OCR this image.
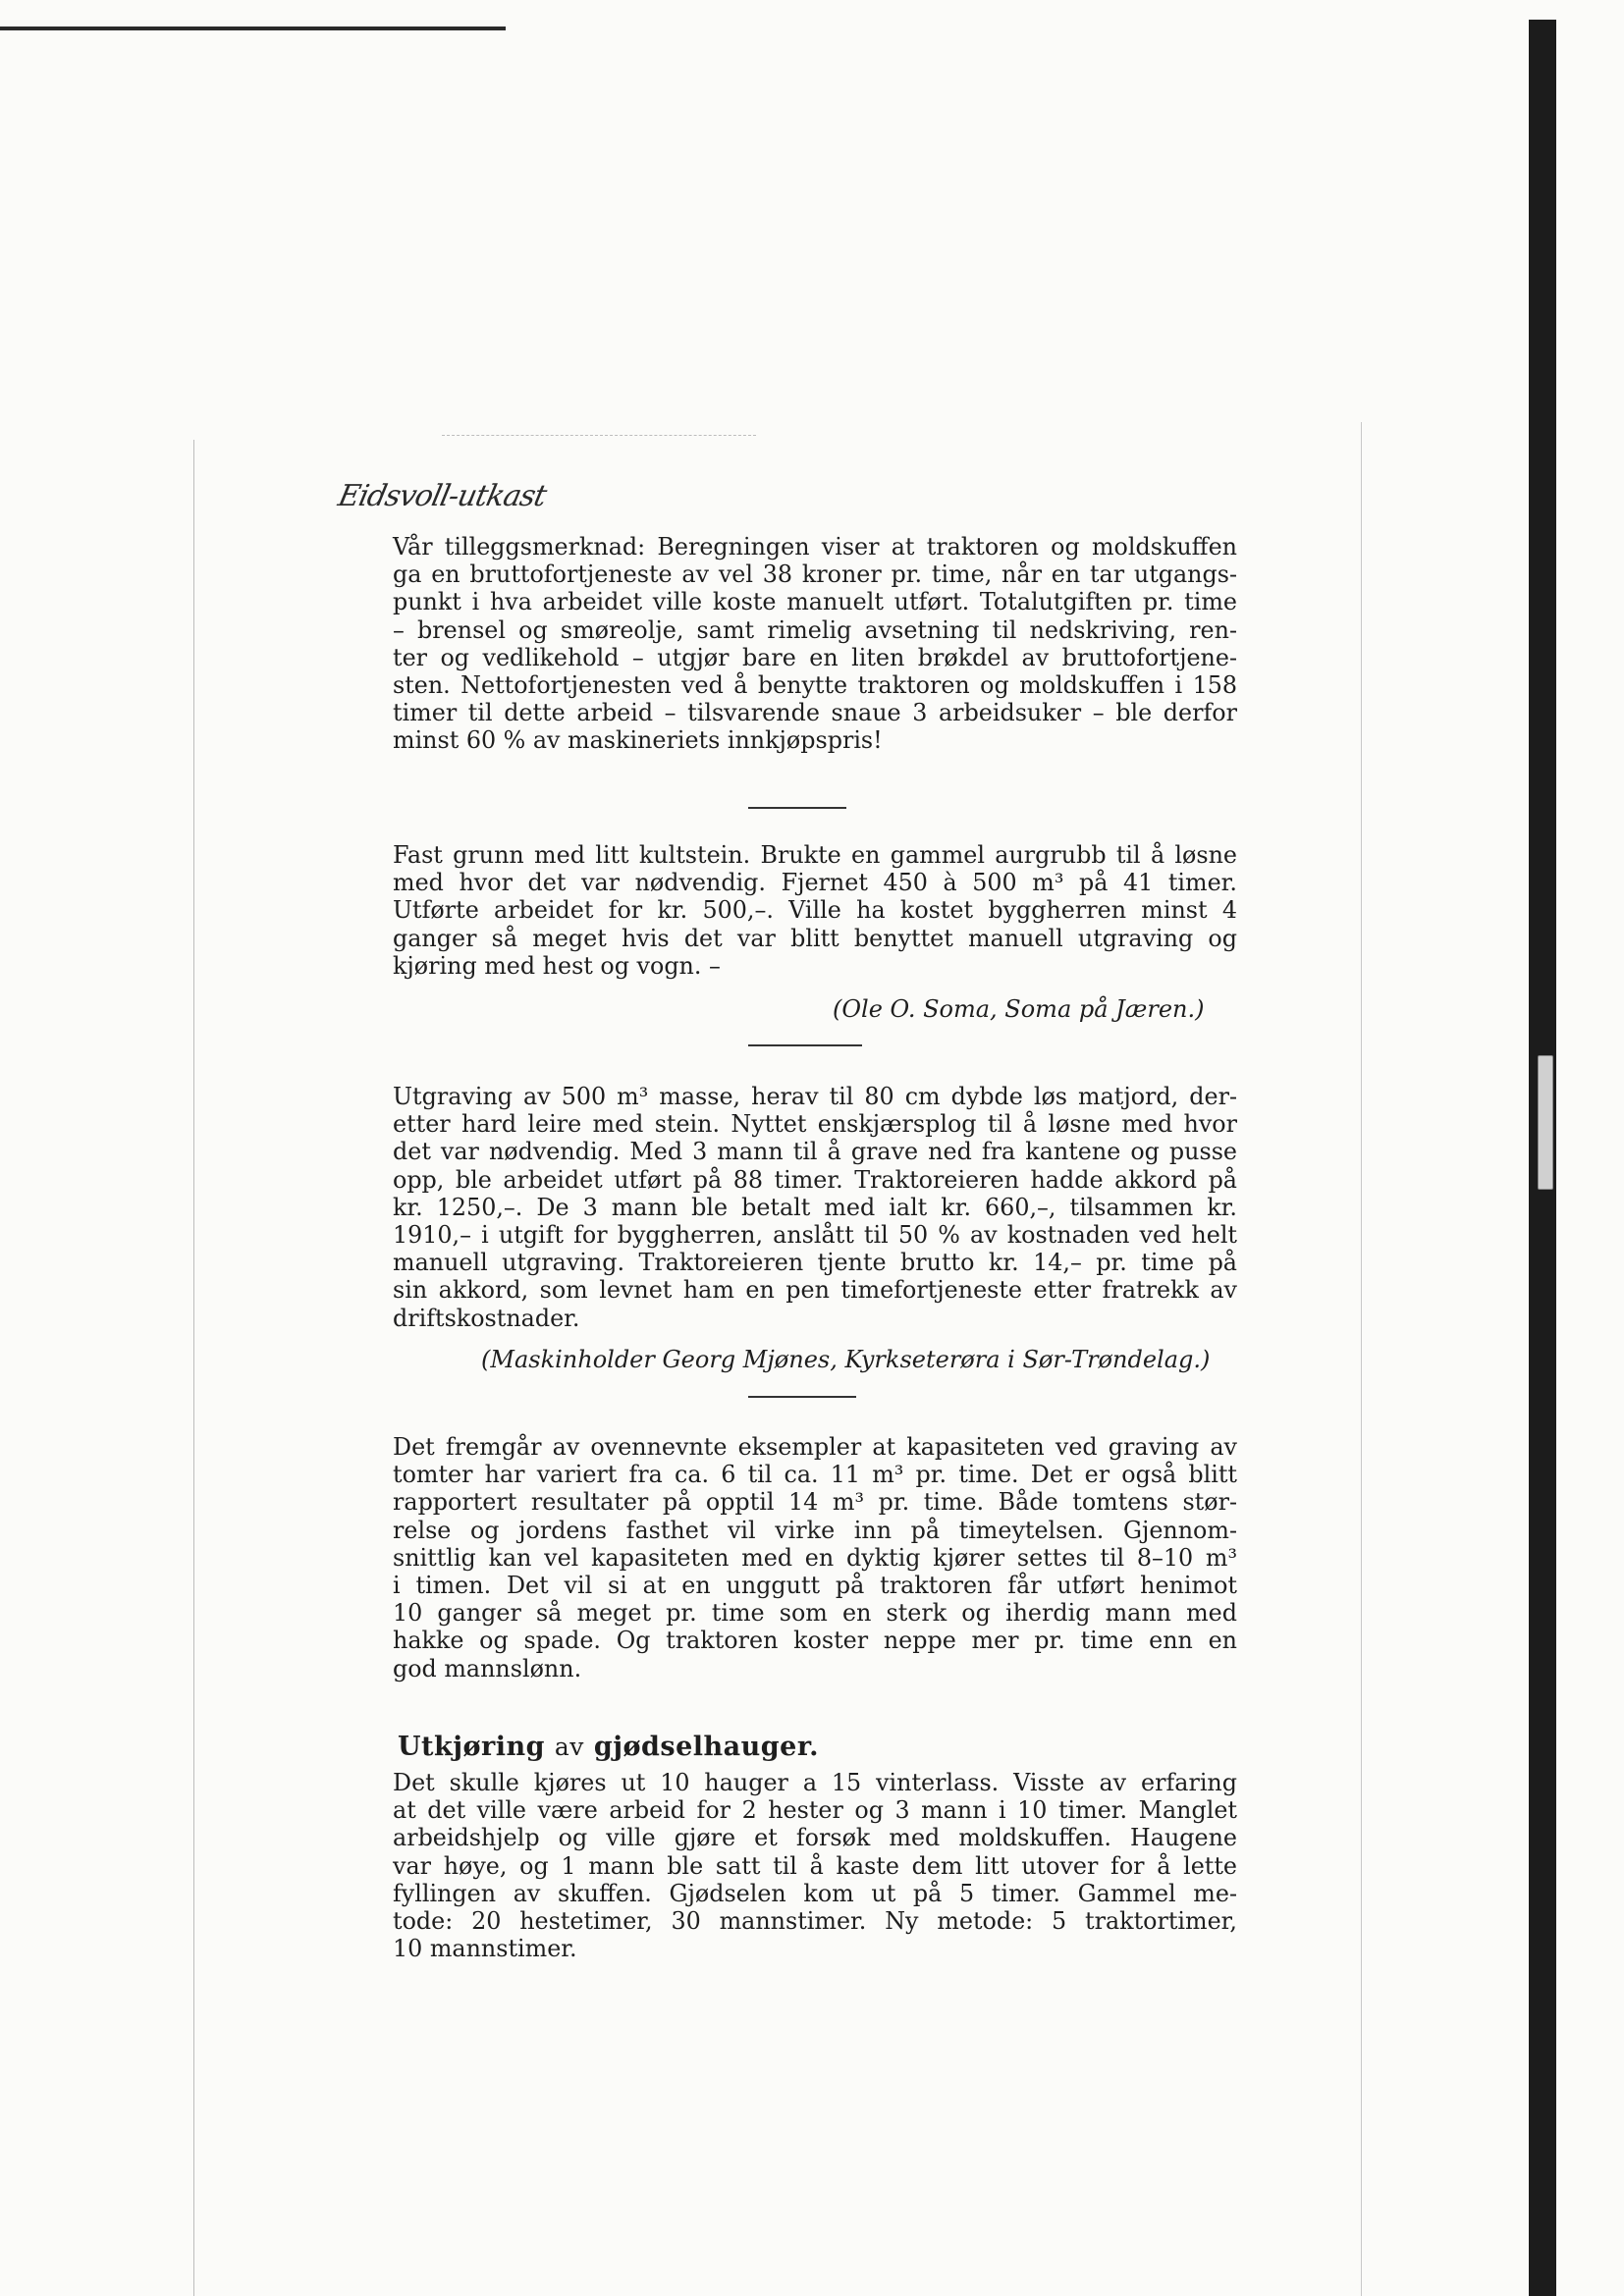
Eidsvoll-utkast

Vår tilleggsmerknad: Beregningen viser at traktoren og moldskuffen
ga en bruttofortjeneste av vel 38 kroner pr. time, når en tar utgangs-
punkt i hva arbeidet ville koste manuelt utført. Totalutgiften pr. time
– brensel og smøreolje, samt rimelig avsetning til nedskriving, ren-
ter og vedlikehold – utgjør bare en liten brøkdel av bruttofortjene-
sten. Nettofortjenesten ved å benytte traktoren og moldskuffen i 158
timer til dette arbeid – tilsvarende snaue 3 arbeidsuker – ble derfor
minst 60 % av maskineriets innkjøpspris!

Fast grunn med litt kultstein. Brukte en gammel aurgrubb til å løsne
med hvor det var nødvendig. Fjernet 450 à 500 m³ på 41 timer.
Utførte arbeidet for kr. 500,–. Ville ha kostet byggherren minst 4
ganger så meget hvis det var blitt benyttet manuell utgraving og
kjøring med hest og vogn. –

(Ole O. Soma, Soma på Jæren.)

Utgraving av 500 m³ masse, herav til 80 cm dybde løs matjord, der-
etter hard leire med stein. Nyttet enskjærsplog til å løsne med hvor
det var nødvendig. Med 3 mann til å grave ned fra kantene og pusse
opp, ble arbeidet utført på 88 timer. Traktoreieren hadde akkord på
kr. 1250,–. De 3 mann ble betalt med ialt kr. 660,–, tilsammen kr.
1910,– i utgift for byggherren, anslått til 50 % av kostnaden ved helt
manuell utgraving. Traktoreieren tjente brutto kr. 14,– pr. time på
sin akkord, som levnet ham en pen timefortjeneste etter fratrekk av
driftskostnader.

(Maskinholder Georg Mjønes, Kyrkseterøra i Sør-Trøndelag.)

Det fremgår av ovennevnte eksempler at kapasiteten ved graving av
tomter har variert fra ca. 6 til ca. 11 m³ pr. time. Det er også blitt
rapportert resultater på opptil 14 m³ pr. time. Både tomtens stør-
relse og jordens fasthet vil virke inn på timeytelsen. Gjennom-
snittlig kan vel kapasiteten med en dyktig kjører settes til 8–10 m³
i timen. Det vil si at en unggutt på traktoren får utført henimot
10 ganger så meget pr. time som en sterk og iherdig mann med
hakke og spade. Og traktoren koster neppe mer pr. time enn en
god mannslønn.

Utkjøring av gjødselhauger.

Det skulle kjøres ut 10 hauger a 15 vinterlass. Visste av erfaring
at det ville være arbeid for 2 hester og 3 mann i 10 timer. Manglet
arbeidshjelp og ville gjøre et forsøk med moldskuffen. Haugene
var høye, og 1 mann ble satt til å kaste dem litt utover for å lette
fyllingen av skuffen. Gjødselen kom ut på 5 timer. Gammel me-
tode: 20 hestetimer, 30 mannstimer. Ny metode: 5 traktortimer,
10 mannstimer.
